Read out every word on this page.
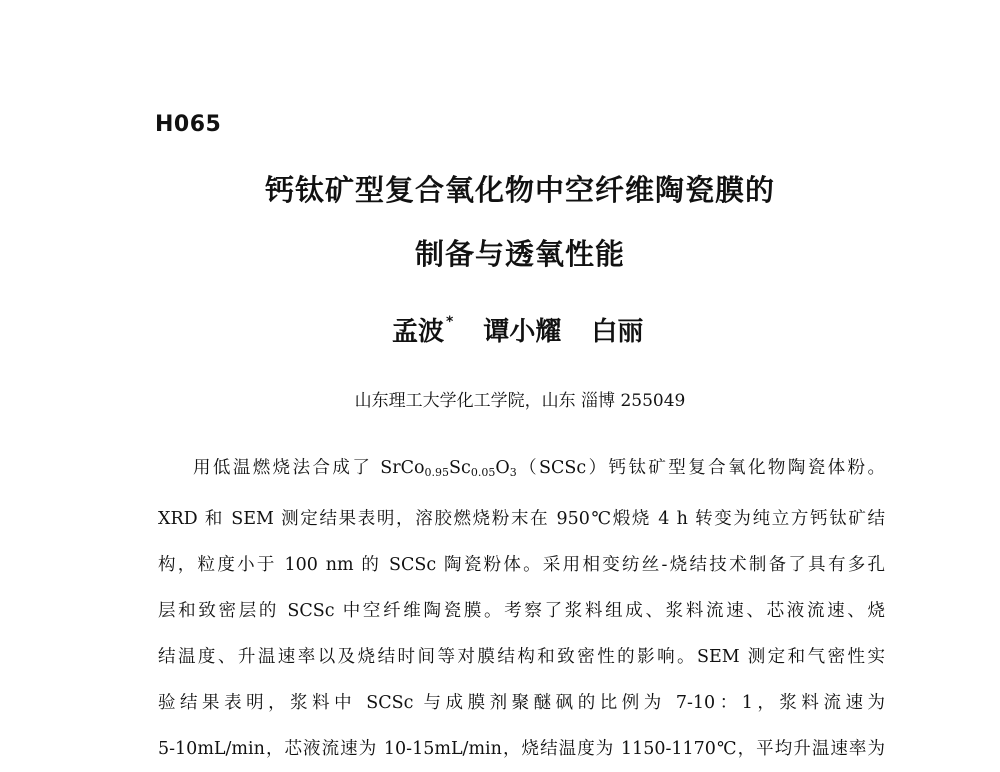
H065
钙钛矿型复合氧化物中空纤维陶瓷膜的
制备与透氧性能
孟波 * 谭小耀 白丽
山东理工大学化工学院，山东 淄博 255049
用低温燃烧法合成了 $SrCo_{0.95}Sc_{0.05}O_3(SCSc)$钙钛矿型复合氧化物陶瓷体粉。
XRD 和 SEM 测定结果表明，溶胶燃烧粉末在 950℃煅烧 4 h 转变为纯立方钙钛矿结
构，粒度小于 100 nm 的 SCSc 陶瓷粉体。采用相变纺丝-烧结技术制备了具有多孔
层和致密层的 SCSc 中空纤维陶瓷膜。考察了浆料组成、浆料流速、芯液流速、烧
结温度、升温速率以及烧结时间等对膜结构和致密性的影响。SEM 测定和气密性实
验结果表明，浆料中 SCSc 与成膜剂聚醚砜的比例为 7-10：1，浆料流速为
5-10mL/min，芯液流速为 10-15mL/min，烧结温度为 1150-1170℃，平均升温速率为
